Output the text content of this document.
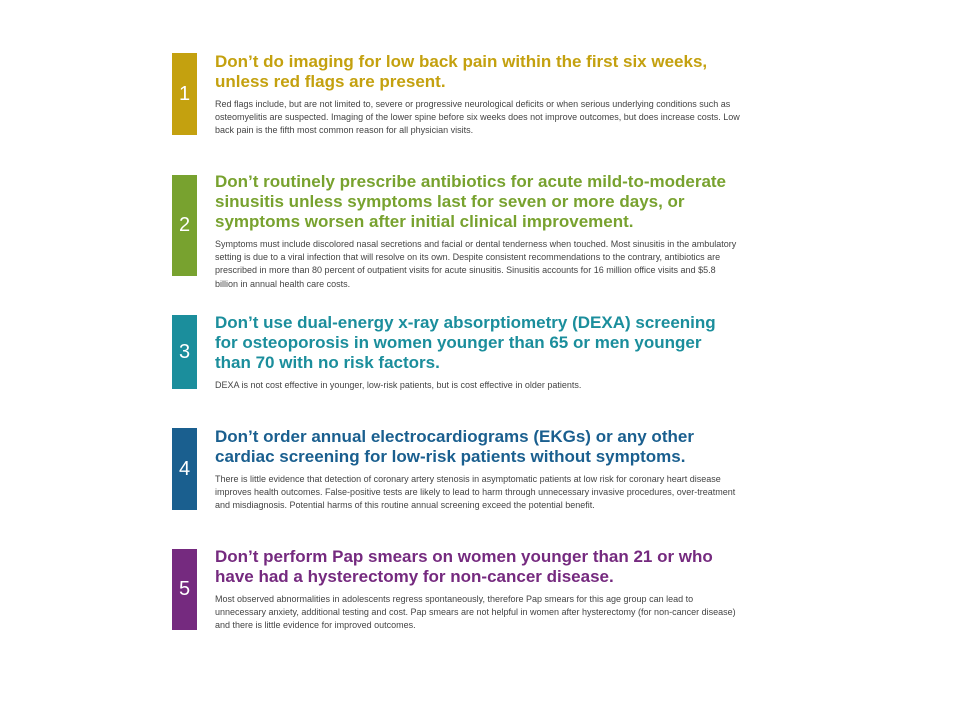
1

Don’t do imaging for low back pain within the first six weeks, unless red flags are present.

Red flags include, but are not limited to, severe or progressive neurological deficits or when serious underlying conditions such as osteomyelitis are suspected. Imaging of the lower spine before six weeks does not improve outcomes, but does increase costs. Low back pain is the fifth most common reason for all physician visits.

2

Don’t routinely prescribe antibiotics for acute mild-to-moderate sinusitis unless symptoms last for seven or more days, or symptoms worsen after initial clinical improvement.

Symptoms must include discolored nasal secretions and facial or dental tenderness when touched. Most sinusitis in the ambulatory setting is due to a viral infection that will resolve on its own. Despite consistent recommendations to the contrary, antibiotics are prescribed in more than 80 percent of outpatient visits for acute sinusitis. Sinusitis accounts for 16 million office visits and $5.8 billion in annual health care costs.

3

Don’t use dual-energy x-ray absorptiometry (DEXA) screening for osteoporosis in women younger than 65 or men younger than 70 with no risk factors.

DEXA is not cost effective in younger, low-risk patients, but is cost effective in older patients.

4

Don’t order annual electrocardiograms (EKGs) or any other cardiac screening for low-risk patients without symptoms.

There is little evidence that detection of coronary artery stenosis in asymptomatic patients at low risk for coronary heart disease improves health outcomes. False-positive tests are likely to lead to harm through unnecessary invasive procedures, over-treatment and misdiagnosis. Potential harms of this routine annual screening exceed the potential benefit.

5

Don’t perform Pap smears on women younger than 21 or who have had a hysterectomy for non-cancer disease.

Most observed abnormalities in adolescents regress spontaneously, therefore Pap smears for this age group can lead to unnecessary anxiety, additional testing and cost. Pap smears are not helpful in women after hysterectomy (for non-cancer disease) and there is little evidence for improved outcomes.
